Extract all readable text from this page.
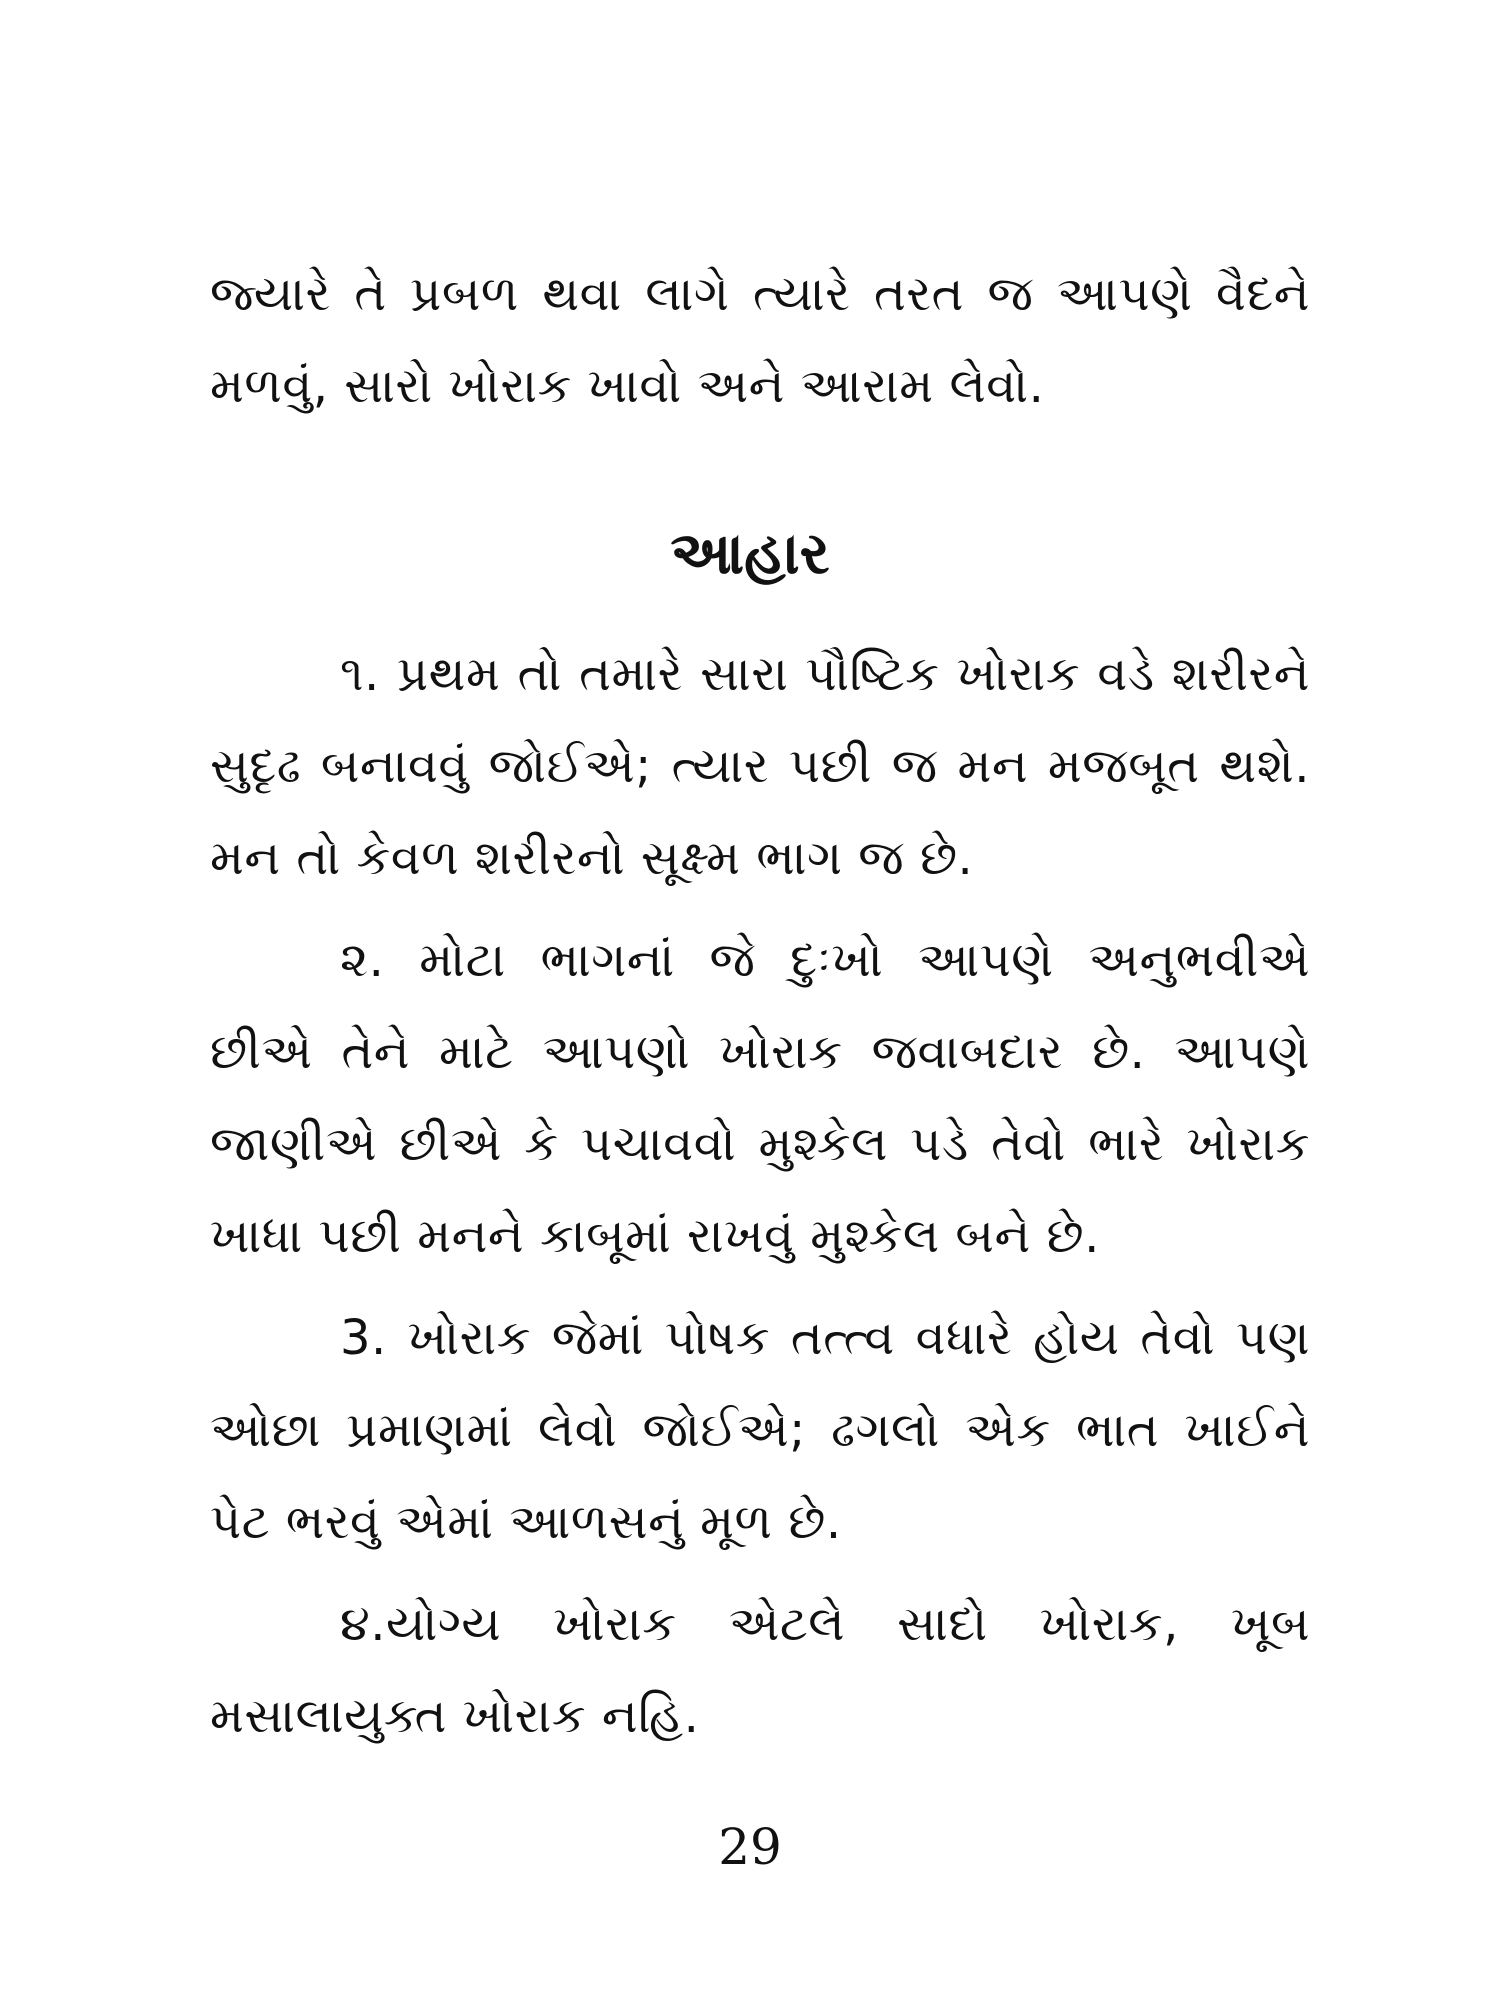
જ્યારે તે પ્રબળ થવા લાગે ત્યારે તરત જ આપણે વૈદને મળવું, સારો ખોરાક ખાવો અને આરામ લેવો.
આહાર

૧. પ્રથમ તો તમારે સારા પૌષ્ટિક ખોરાક વડે શરીરને સુદૃઢ બનાવવું જોઈએ; ત્યાર પછી જ મન મજબૂત થશે. મન તો કેવળ શરીરનો સૂક્ષ્મ ભાગ જ છે.

૨. મોટા ભાગનાં જે દુઃખો આપણે અનુભવીએ છીએ તેને માટે આપણો ખોરાક જવાબદાર છે. આપણે જાણીએ છીએ કે પચાવવો મુશ્કેલ પડે તેવો ભારે ખોરાક ખાધા પછી મનને કાબૂમાં રાખવું મુશ્કેલ બને છે.

3. ખોરાક જેમાં પોષક તત્ત્વ વધારે હોય તેવો પણ ઓછા પ્રમાણમાં લેવો જોઈએ; ઢગલો એક ભાત ખાઈને પેટ ભરવું એમાં આળસનું મૂળ છે.

૪.યોગ્ય ખોરાક એટલે સાદો ખોરાક, ખૂબ મસાલાયુક્ત ખોરાક નહિ.

29
